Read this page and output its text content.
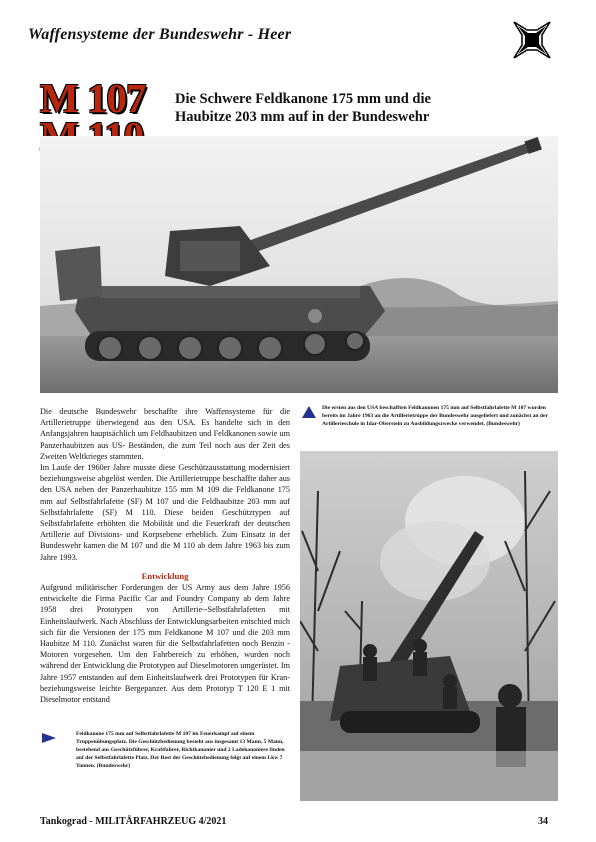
Waffensysteme der Bundeswehr - Heer
M 107	Die Schwere Feldkanone 175 mm und die Haubitze 203 mm auf in der Bundeswehr

Die deutsche Bundeswehr beschaffte ihre Waffensysteme für die Artillerietruppe überwiegend aus den USA. Es handelte sich in den Anfangsjahren hauptsächlich um Feldhaubitzen und Feldkanonen sowie um Panzerhaubitzen aus US- Beständen, die zum Teil noch aus der Zeit des Zweiten Weltkrieges stammten.

Im Laufe der 1960er Jahre musste diese Geschützausstattung modernisiert beziehungsweise abgelöst werden. Die Artillerietruppe beschaffte daher aus den USA neben der Panzerhaubitze 155 mm M 109 die Feldkanone 175 mm auf Selbstfahrlafette (SF) M 107 und die Feldhaubitze 203 mm auf Selbstfahrlafette (SF) M 110. Diese beiden Geschütztypen auf Selbstfahrlafette erhöhten die Mobilität und die Feuerkraft der deutschen Artillerie auf Divisions- und Korpsebene erheblich. Zum Einsatz in der Bundeswehr kamen die M 107 und die M 110 ab dem Jahre 1963 bis zum Jahre 1993.

Entwicklung
Aufgrund militärischer Forderungen der US Army aus dem Jahre 1956 entwickelte die Firma Pacific Car and Foundry Company ab dem Jahre 1958 drei Prototypen von Artillerie--Selbstfahrlafetten mit Einheitslaufwerk. Nach Abschluss der Entwicklungsarbeiten entschied mich sich für die Versionen der 175 mm Feldkanone M 107 und die 203 mm Haubitze M 110. Zunächst waren für die Selbstfahrlafetten noch Benzin -Motoren vorgesehen. Um den Fahrbereich zu erhöhen, wurden noch während der Entwicklung die Prototypen auf Dieselmotoren umgerüstet. Im Jahre 1957 entstanden auf dem Einheitslaufwerk drei Prototypen für Kran- beziehungsweise leichte Bergepanzer. Aus dem Prototyp T 120 E 1 mit Dieselmotor entstand
Die ersten aus den USA beschafften Feldkanonen 175 mm auf Selbstfahrlafette M 107 wurden bereits im Jahre 1963 an die Artillerietruppe der Bundeswehr ausgeliefert und zunächst an der Artillerieschule in Idar-Oberstein zu Ausbildungszwecke verwendet. (Bundeswehr)
Feldkanone 175 mm auf Selbstfahrlafette M 107 im Feuerkampf auf einem Truppenübungsplatz. Die Geschützbedienung besteht aus insgesamt 13 Mann. 5 Mann, bestehend aus Geschützführer, Kraftfahrer, Richtkanonier und 2 Ladekanoniere finden auf der Selbstfahrlafette Platz. Der Rest der Geschützbedienung folgt auf einem Lkw 7 Tonnen. (Bundeswehr)
Tankograd - MILITÄRFAHRZEUG 4/2021	34
